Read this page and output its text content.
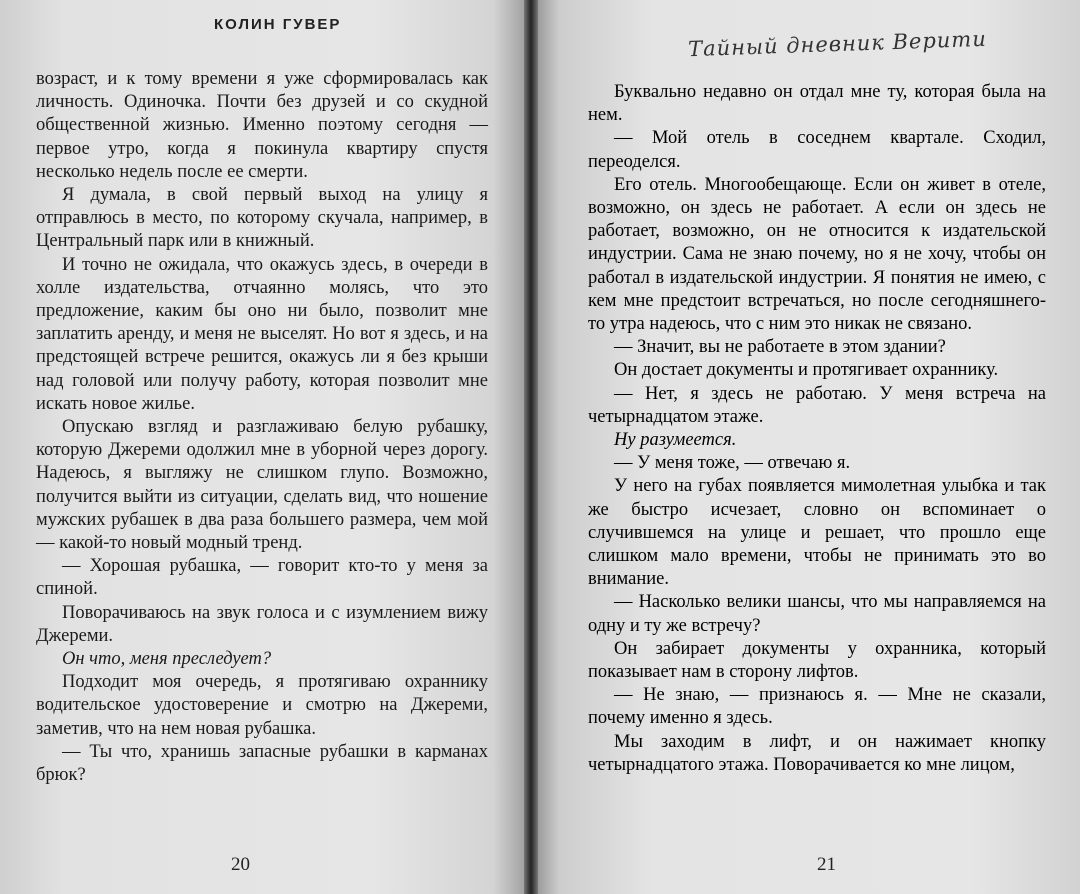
КОЛИН ГУВЕР

возраст, и к тому времени я уже сформировалась как личность. Одиночка. Почти без друзей и со скудной общественной жизнью. Именно поэтому сегодня — первое утро, когда я покинула квартиру спустя несколько недель после ее смерти.

Я думала, в свой первый выход на улицу я отправлюсь в место, по которому скучала, например, в Центральный парк или в книжный.

И точно не ожидала, что окажусь здесь, в очереди в холле издательства, отчаянно молясь, что это предложение, каким бы оно ни было, позволит мне заплатить аренду, и меня не выселят. Но вот я здесь, и на предстоящей встрече решится, окажусь ли я без крыши над головой или получу работу, которая позволит мне искать новое жилье.

Опускаю взгляд и разглаживаю белую рубашку, которую Джереми одолжил мне в уборной через дорогу. Надеюсь, я выгляжу не слишком глупо. Возможно, получится выйти из ситуации, сделать вид, что ношение мужских рубашек в два раза большего размера, чем мой — какой-то новый модный тренд.

— Хорошая рубашка, — говорит кто-то у меня за спиной.

Поворачиваюсь на звук голоса и с изумлением вижу Джереми.

Он что, меня преследует?

Подходит моя очередь, я протягиваю охраннику водительское удостоверение и смотрю на Джереми, заметив, что на нем новая рубашка.

— Ты что, хранишь запасные рубашки в карманах брюк?

20
Тайный дневник Верити

Буквально недавно он отдал мне ту, которая была на нем.

— Мой отель в соседнем квартале. Сходил, переоделся.

Его отель. Многообещающе. Если он живет в отеле, возможно, он здесь не работает. А если он здесь не работает, возможно, он не относится к издательской индустрии. Сама не знаю почему, но я не хочу, чтобы он работал в издательской индустрии. Я понятия не имею, с кем мне предстоит встречаться, но после сегодняшнего-то утра надеюсь, что с ним это никак не связано.

— Значит, вы не работаете в этом здании?

Он достает документы и протягивает охраннику.

— Нет, я здесь не работаю. У меня встреча на четырнадцатом этаже.

Ну разумеется.

— У меня тоже, — отвечаю я.

У него на губах появляется мимолетная улыбка и так же быстро исчезает, словно он вспоминает о случившемся на улице и решает, что прошло еще слишком мало времени, чтобы не принимать это во внимание.

— Насколько велики шансы, что мы направляемся на одну и ту же встречу?

Он забирает документы у охранника, который показывает нам в сторону лифтов.

— Не знаю, — признаюсь я. — Мне не сказали, почему именно я здесь.

Мы заходим в лифт, и он нажимает кнопку четырнадцатого этажа. Поворачивается ко мне лицом,

21
